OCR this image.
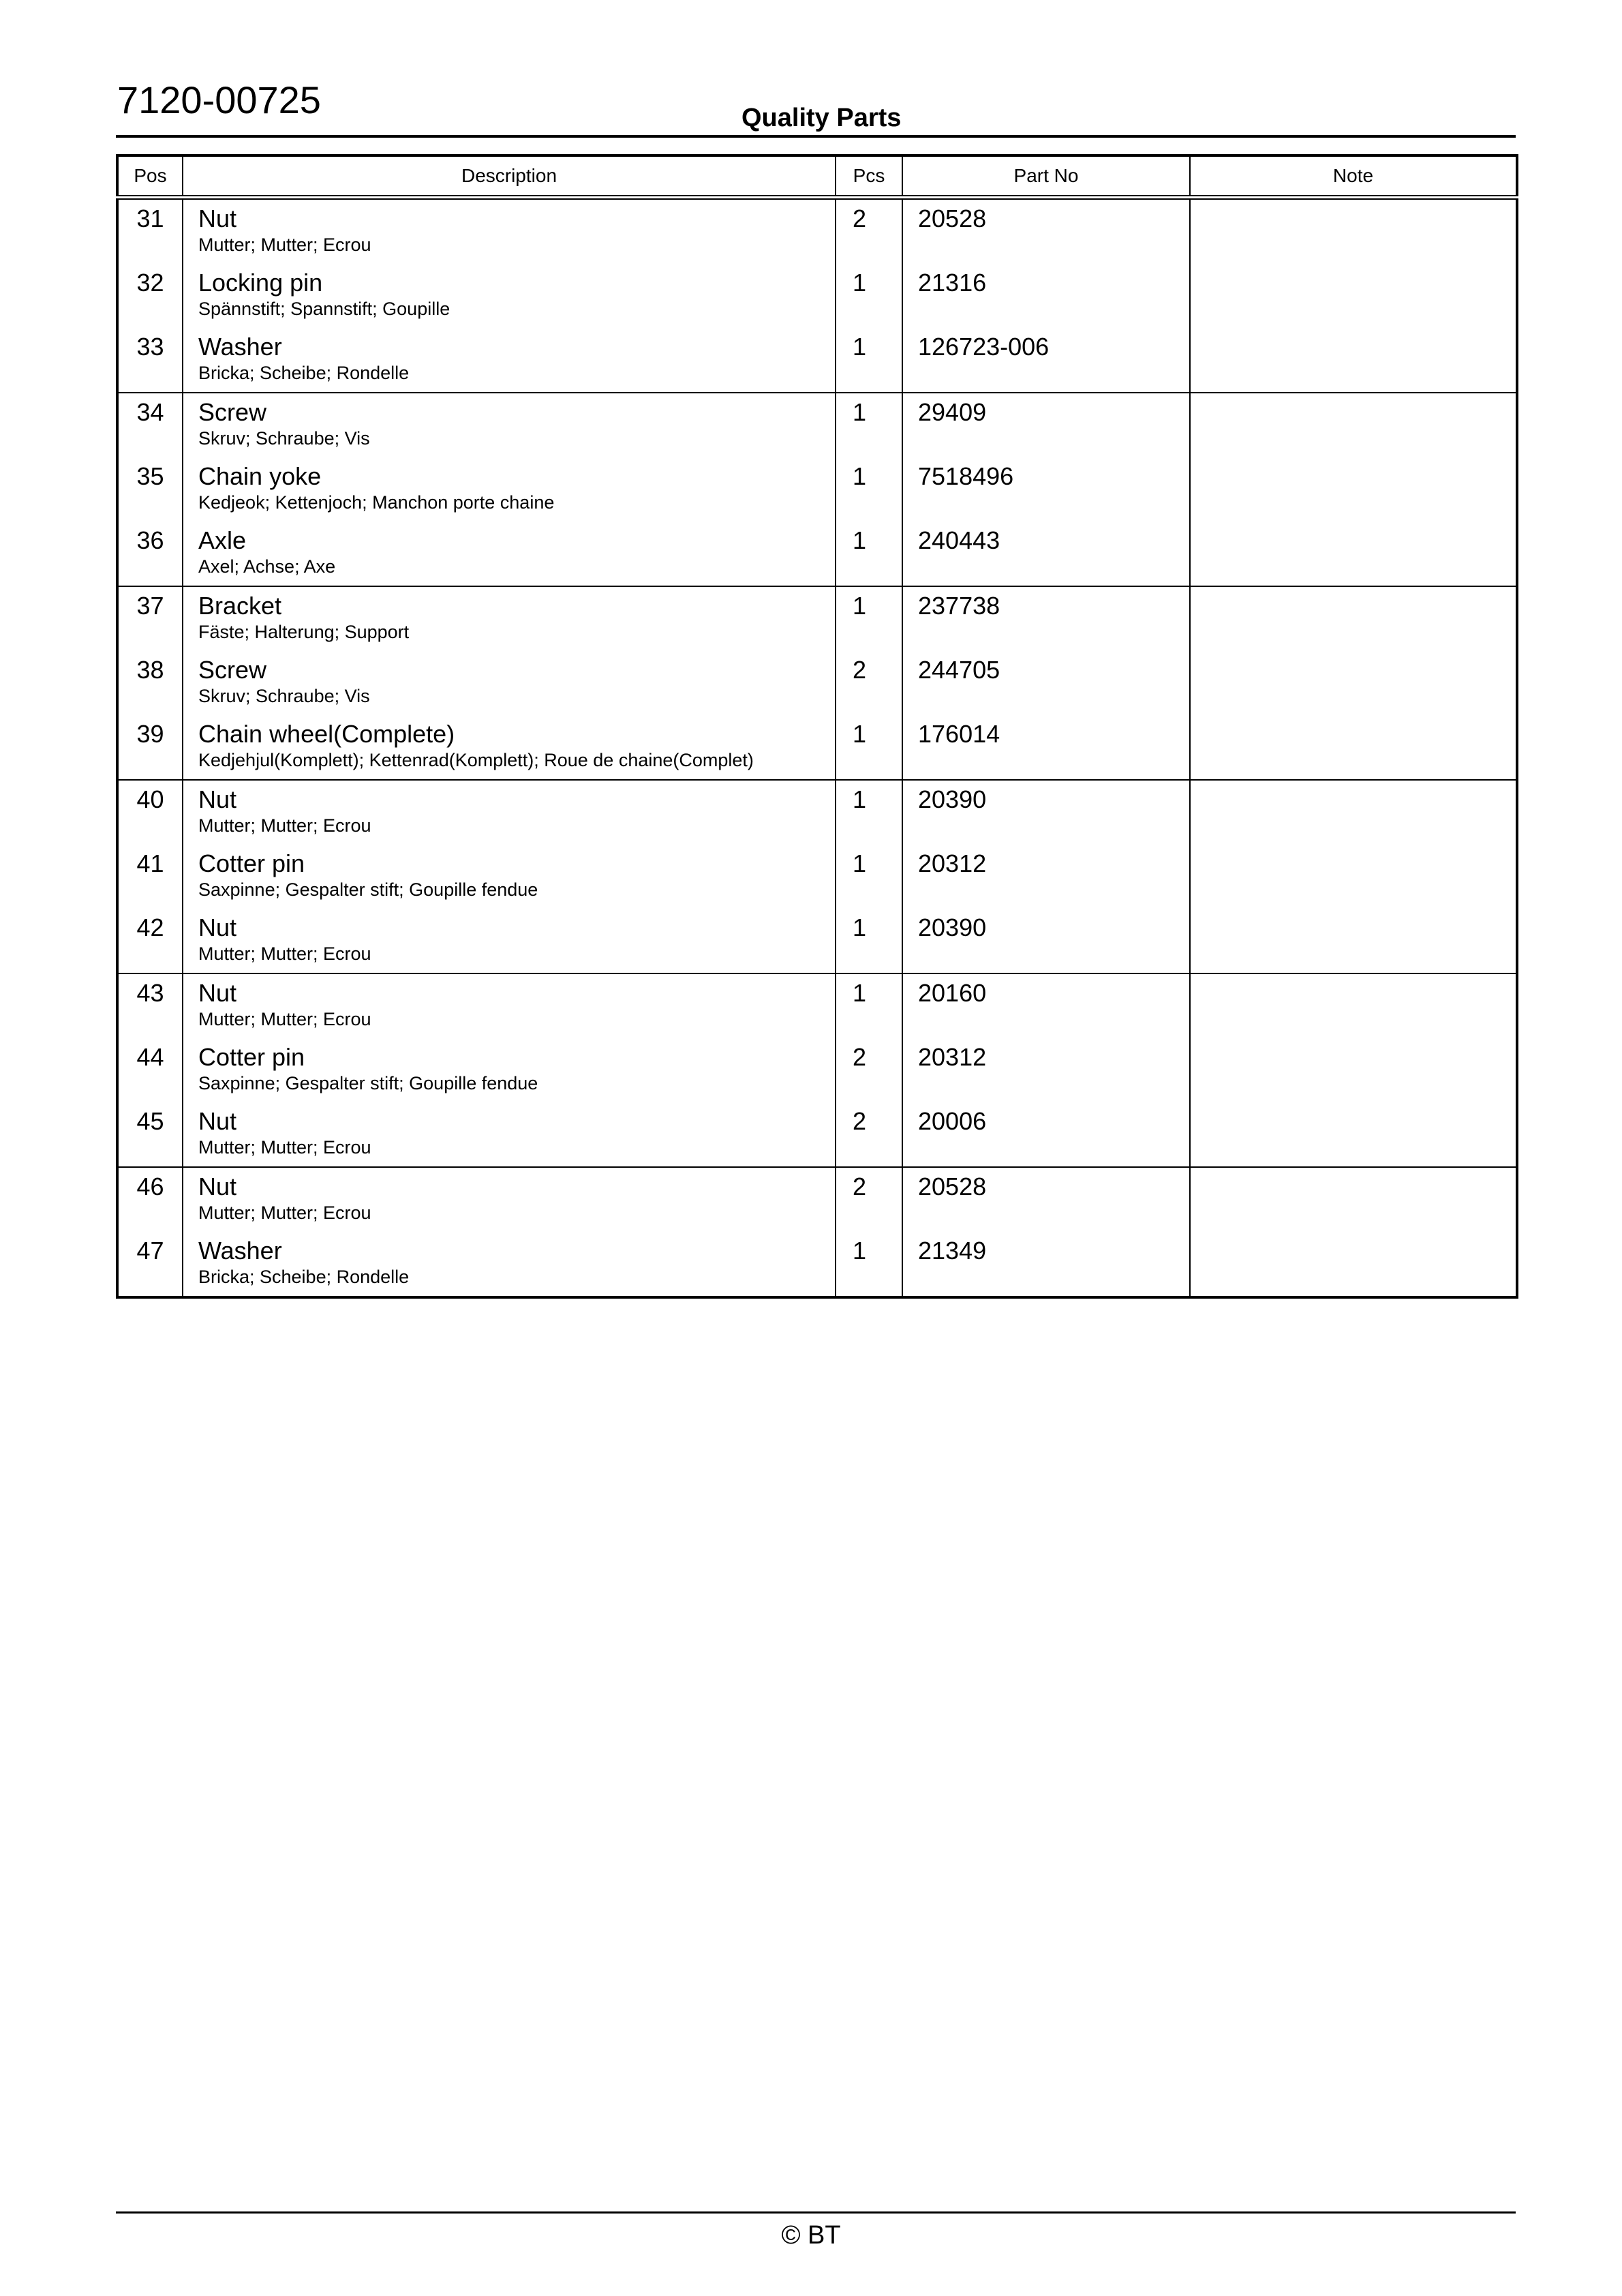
7120-00725	Quality Parts
Pos	Description	Pcs	Part No	Note
31	Nut
Mutter; Mutter; Ecrou	2	20528	
32	Locking pin
Spännstift; Spannstift; Goupille	1	21316	
33	Washer
Bricka; Scheibe; Rondelle	1	126723-006	
34	Screw
Skruv; Schraube; Vis	1	29409	
35	Chain yoke
Kedjeok; Kettenjoch; Manchon porte chaine	1	7518496	
36	Axle
Axel; Achse; Axe	1	240443	
37	Bracket
Fäste; Halterung; Support	1	237738	
38	Screw
Skruv; Schraube; Vis	2	244705	
39	Chain wheel(Complete)
Kedjehjul(Komplett); Kettenrad(Komplett); Roue de chaine(Complet)	1	176014	
40	Nut
Mutter; Mutter; Ecrou	1	20390	
41	Cotter pin
Saxpinne; Gespalter stift; Goupille fendue	1	20312	
42	Nut
Mutter; Mutter; Ecrou	1	20390	
43	Nut
Mutter; Mutter; Ecrou	1	20160	
44	Cotter pin
Saxpinne; Gespalter stift; Goupille fendue	2	20312	
45	Nut
Mutter; Mutter; Ecrou	2	20006	
46	Nut
Mutter; Mutter; Ecrou	2	20528	
47	Washer
Bricka; Scheibe; Rondelle	1	21349	
© BT
